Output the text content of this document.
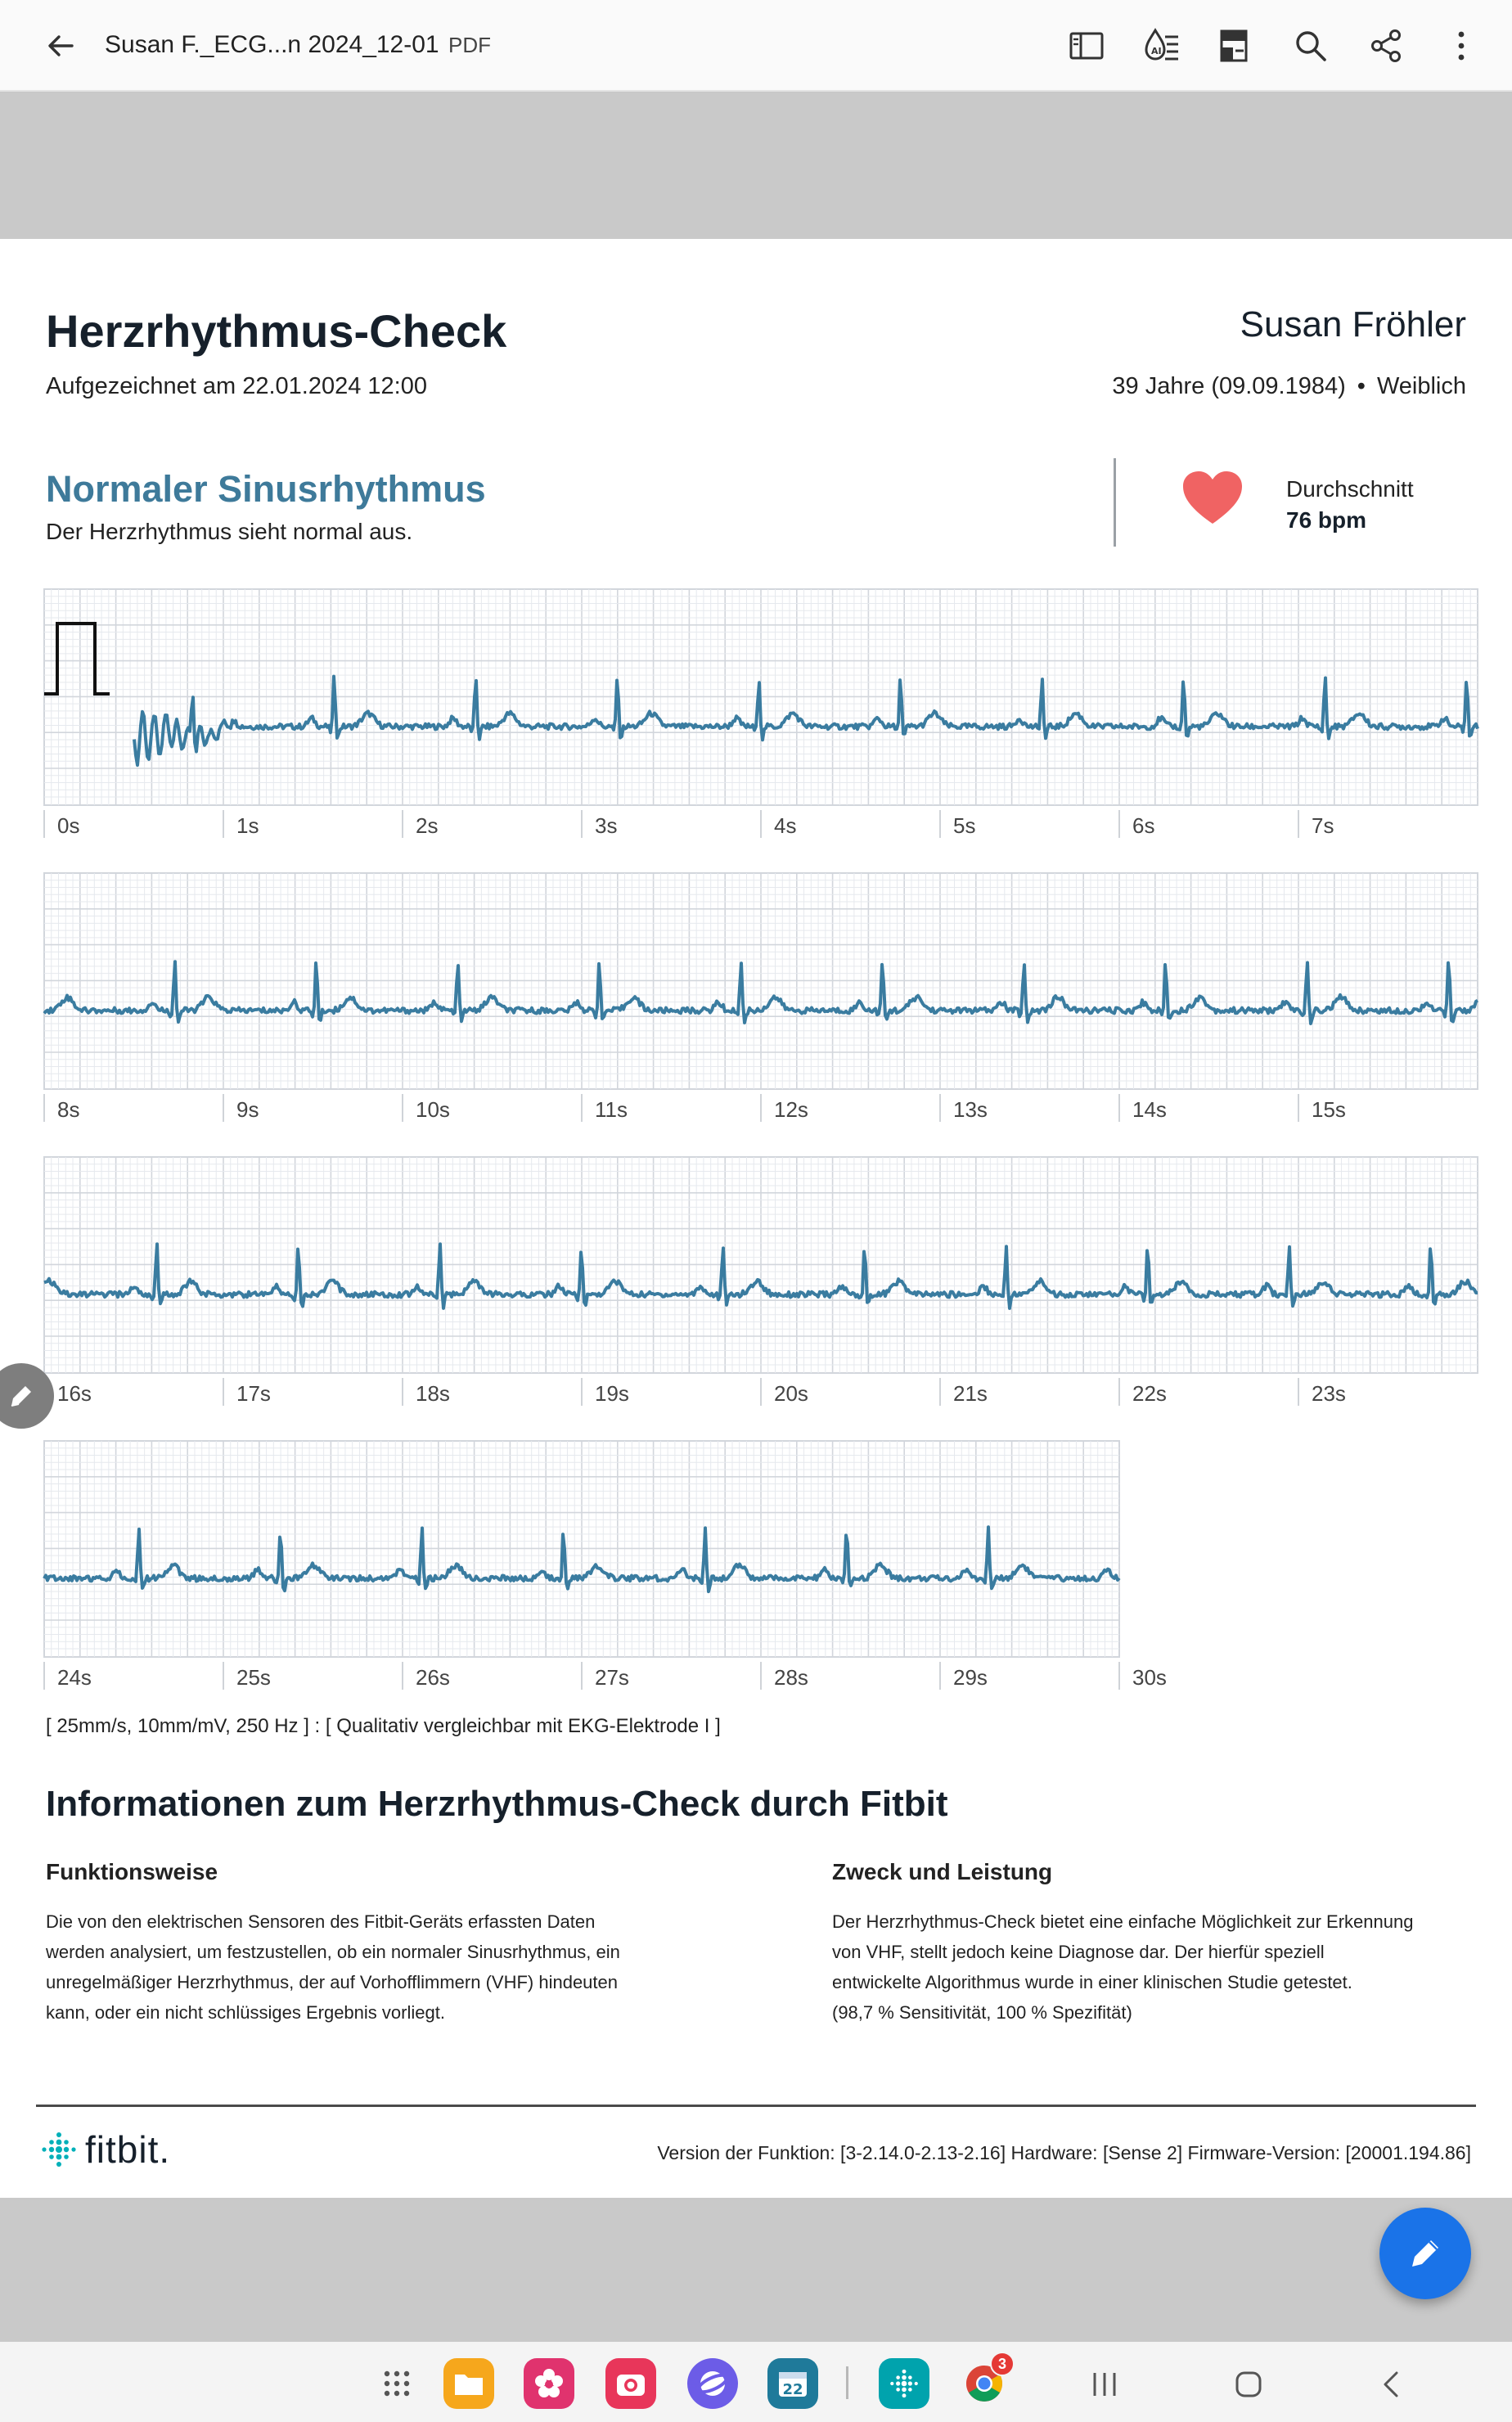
Susan F._ECG...n 2024_12-01 PDF	AI
Herzrhythmus-Check
Aufgezeichnet am 22.01.2024 12:00
Susan Fröhler
39 Jahre (09.09.1984) • Weiblich
Normaler Sinusrhythmus
Der Herzrhythmus sieht normal aus.
Durchschnitt
76 bpm
0s	1s	2s	3s	4s	5s	6s	7s
8s	9s	10s	11s	12s	13s	14s	15s
16s	17s	18s	19s	20s	21s	22s	23s
24s	25s	26s	27s	28s	29s	30s
[ 25mm/s, 10mm/mV, 250 Hz ] : [ Qualitativ vergleichbar mit EKG-Elektrode I ]
Informationen zum Herzrhythmus-Check durch Fitbit
Funktionsweise
Die von den elektrischen Sensoren des Fitbit-Geräts erfassten Daten
werden analysiert, um festzustellen, ob ein normaler Sinusrhythmus, ein
unregelmäßiger Herzrhythmus, der auf Vorhofflimmern (VHF) hindeuten
kann, oder ein nicht schlüssiges Ergebnis vorliegt.
Zweck und Leistung
Der Herzrhythmus-Check bietet eine einfache Möglichkeit zur Erkennung
von VHF, stellt jedoch keine Diagnose dar. Der hierfür speziell
entwickelte Algorithmus wurde in einer klinischen Studie getestet.
(98,7 % Sensitivität, 100 % Spezifität)
fitbit.	Version der Funktion: [3-2.14.0-2.13-2.16] Hardware: [Sense 2] Firmware-Version: [20001.194.86]
22
3
